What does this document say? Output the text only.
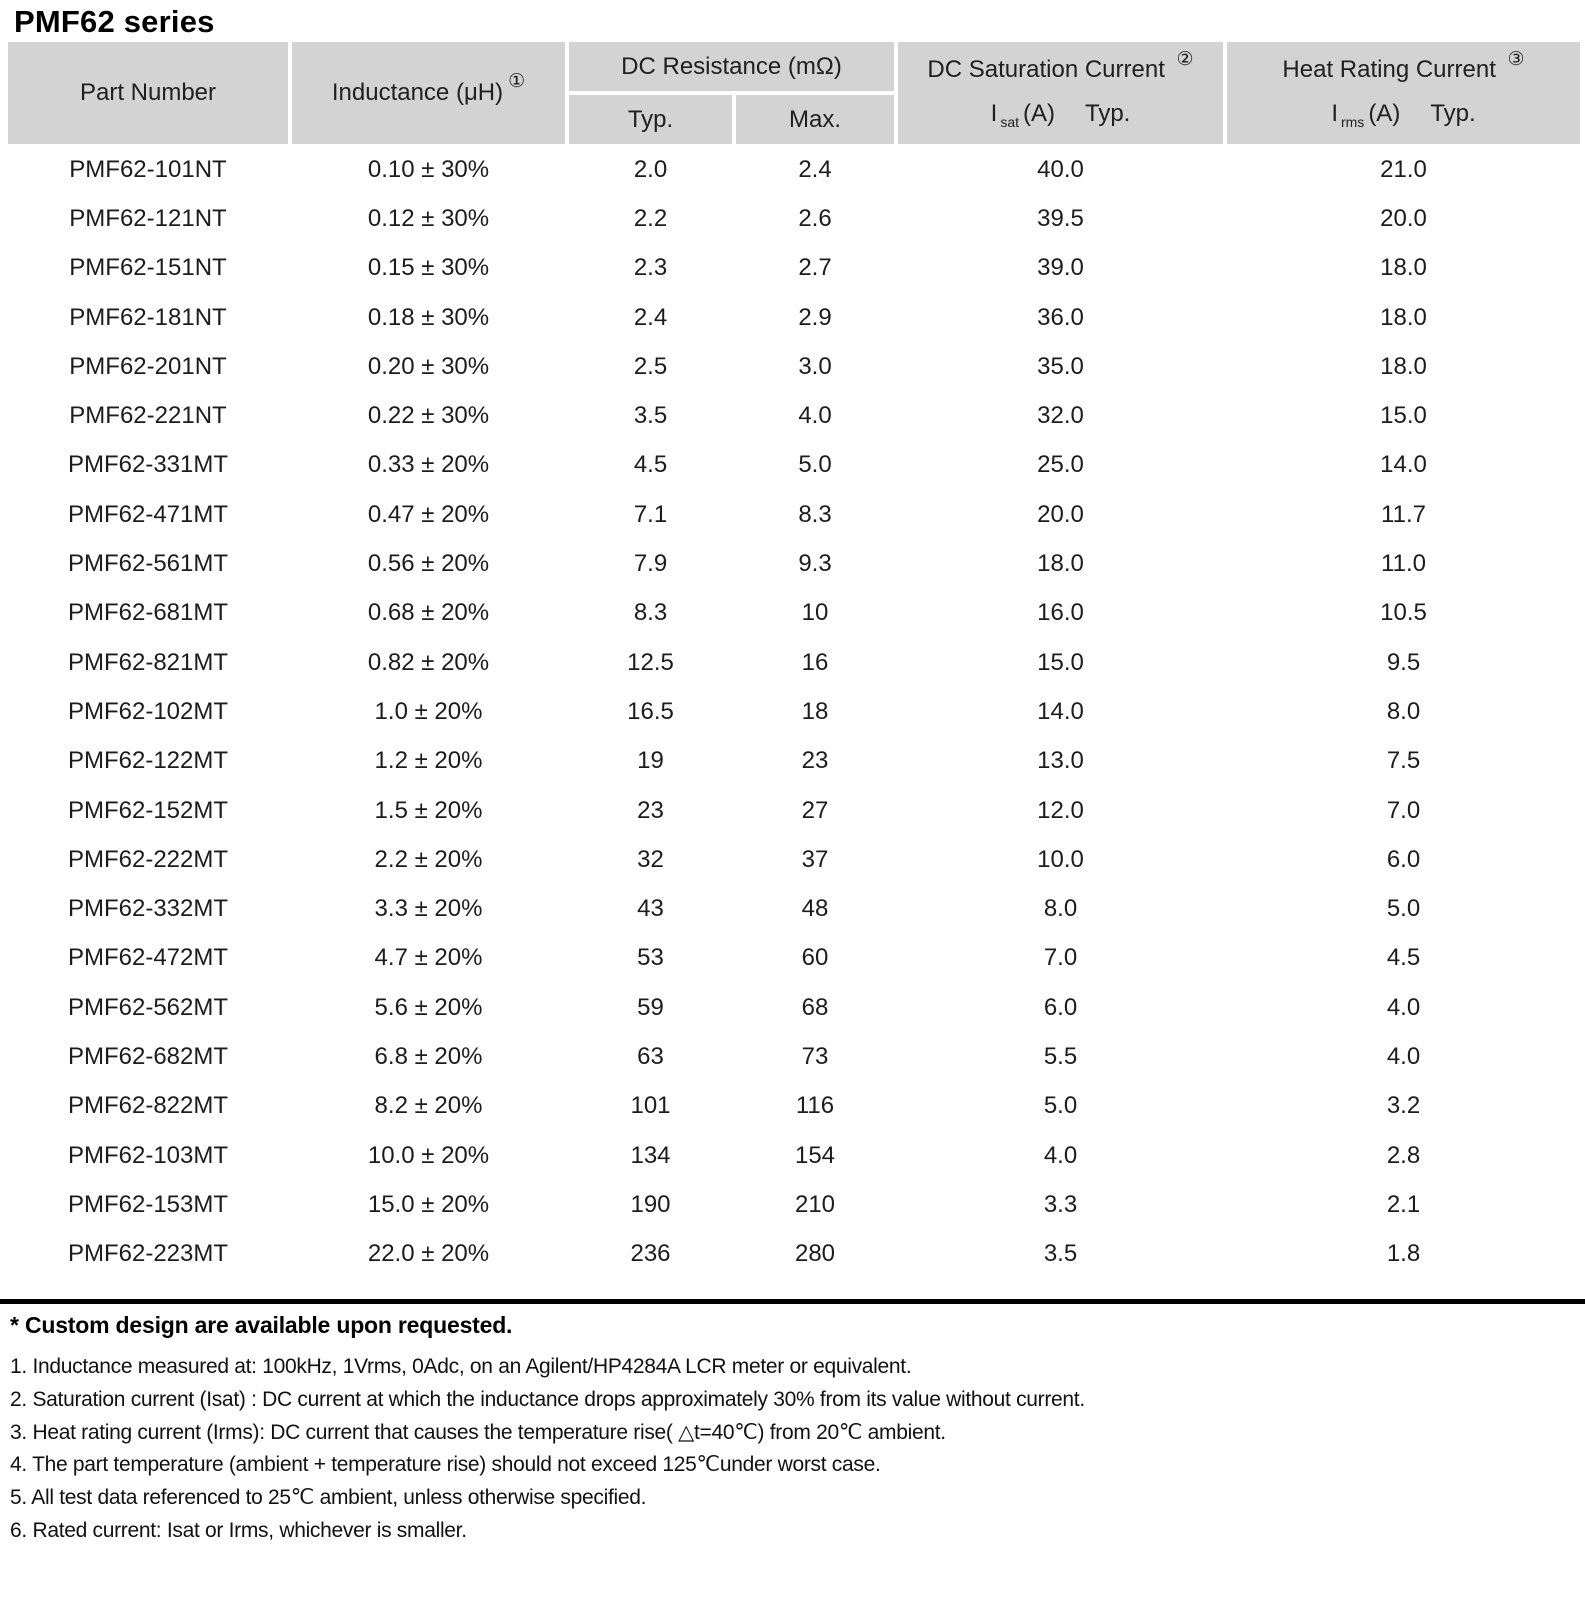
PMF62 series
Part Number	Inductance (μH) ①
DC Resistance (mΩ)
Typ.	Max.
DC Saturation Current ②
I $_{sat}$ (A) Typ.
Heat Rating Current ③
I $_{rms}$ (A) Typ.
PMF62-101NT	0.10 ± 30%	2.0	2.4	40.0	21.0
PMF62-121NT	0.12 ± 30%	2.2	2.6	39.5	20.0
PMF62-151NT	0.15 ± 30%	2.3	2.7	39.0	18.0
PMF62-181NT	0.18 ± 30%	2.4	2.9	36.0	18.0
PMF62-201NT	0.20 ± 30%	2.5	3.0	35.0	18.0
PMF62-221NT	0.22 ± 30%	3.5	4.0	32.0	15.0
PMF62-331MT	0.33 ± 20%	4.5	5.0	25.0	14.0
PMF62-471MT	0.47 ± 20%	7.1	8.3	20.0	11.7
PMF62-561MT	0.56 ± 20%	7.9	9.3	18.0	11.0
PMF62-681MT	0.68 ± 20%	8.3	10	16.0	10.5
PMF62-821MT	0.82 ± 20%	12.5	16	15.0	9.5
PMF62-102MT	1.0 ± 20%	16.5	18	14.0	8.0
PMF62-122MT	1.2 ± 20%	19	23	13.0	7.5
PMF62-152MT	1.5 ± 20%	23	27	12.0	7.0
PMF62-222MT	2.2 ± 20%	32	37	10.0	6.0
PMF62-332MT	3.3 ± 20%	43	48	8.0	5.0
PMF62-472MT	4.7 ± 20%	53	60	7.0	4.5
PMF62-562MT	5.6 ± 20%	59	68	6.0	4.0
PMF62-682MT	6.8 ± 20%	63	73	5.5	4.0
PMF62-822MT	8.2 ± 20%	101	116	5.0	3.2
PMF62-103MT	10.0 ± 20%	134	154	4.0	2.8
PMF62-153MT	15.0 ± 20%	190	210	3.3	2.1
PMF62-223MT	22.0 ± 20%	236	280	3.5	1.8
* Custom design are available upon requested.
1. Inductance measured at: 100kHz, 1Vrms, 0Adc, on an Agilent/HP4284A LCR meter or equivalent.
2. Saturation current (Isat) : DC current at which the inductance drops approximately 30% from its value without current.
3. Heat rating current (Irms): DC current that causes the temperature rise( △t=40℃) from 20℃ ambient.
4. The part temperature (ambient + temperature rise) should not exceed 125℃under worst case.
5. All test data referenced to 25℃ ambient, unless otherwise specified.
6. Rated current: Isat or Irms, whichever is smaller.
